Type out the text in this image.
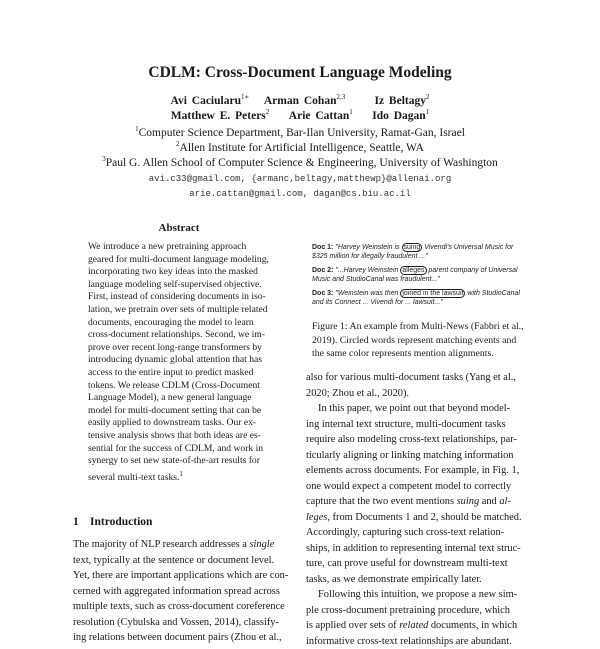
CDLM: Cross-Document Language Modeling
Avi Caciularu$^{1∗}$ Arman Cohan$^{2,3}$	Iz Beltagy$^2$
Matthew E. Peters$^2$ Arie Cattan$^1$ Ido Dagan$^1$
$^1$Computer Science Department, Bar-Ilan University, Ramat-Gan, Israel
$^2$Allen Institute for Artificial Intelligence, Seattle, WA
$^3$Paul G. Allen School of Computer Science & Engineering, University of Washington
avi.c33@gmail.com, {armanc,beltagy,matthewp}@allenai.org
arie.cattan@gmail.com, dagan@cs.biu.ac.il
Abstract
We introduce a new pretraining approach
geared for multi-document language modeling,
incorporating two key ideas into the masked
language modeling self-supervised objective.
First, instead of considering documents in iso-
lation, we pretrain over sets of multiple related
documents, encouraging the model to learn
cross-document relationships. Second, we im-
prove over recent long-range transformers by
introducing dynamic global attention that has
access to the entire input to predict masked
tokens. We release CDLM (Cross-Document
Language Model), a new general language
model for multi-document setting that can be
easily applied to downstream tasks. Our ex-
tensive analysis shows that both ideas are es-
sential for the success of CDLM, and work in
synergy to set new state-of-the-art results for
several multi-text tasks.$^1$
1 Introduction
The majority of NLP research addresses a single
text, typically at the sentence or document level.
Yet, there are important applications which are con-
cerned with aggregated information spread across
multiple texts, such as cross-document coreference
resolution (Cybulska and Vossen, 2014), classify-
ing relations between document pairs (Zhou et al.,
Doc 1: "Harvey Weinstein is suing Vivendi's Universal Music for $325 million for illegally fraudulent ..."
Doc 2: "...Harvey Weinstein alleges parent company of Universal Music and StudioCanal was fraudulent..."
Doc 3: "Weinstein was then joined in the lawsuit with StudioCanal and its Connect ... Vivendi for ... lawsuit..."
Figure 1: An example from Multi-News (Fabbri et al.,
2019). Circled words represent matching events and
the same color represents mention alignments.
also for various multi-document tasks (Yang et al.,
2020; Zhou et al., 2020).
In this paper, we point out that beyond model-
ing internal text structure, multi-document tasks
require also modeling cross-text relationships, par-
ticularly aligning or linking matching information
elements across documents. For example, in Fig. 1,
one would expect a competent model to correctly
capture that the two event mentions suing and al-
leges, from Documents 1 and 2, should be matched.
Accordingly, capturing such cross-text relation-
ships, in addition to representing internal text struc-
ture, can prove useful for downstream multi-text
tasks, as we demonstrate empirically later.
Following this intuition, we propose a new sim-
ple cross-document pretraining procedure, which
is applied over sets of related documents, in which
informative cross-text relationships are abundant.
